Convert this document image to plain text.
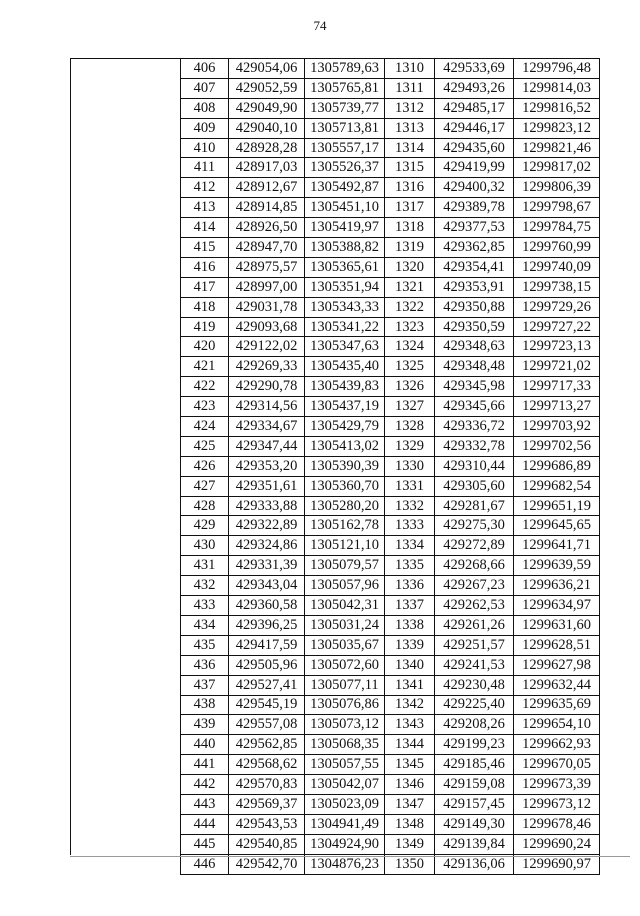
74
406	429054,06	1305789,63	1310	429533,69	1299796,48
407	429052,59	1305765,81	1311	429493,26	1299814,03
408	429049,90	1305739,77	1312	429485,17	1299816,52
409	429040,10	1305713,81	1313	429446,17	1299823,12
410	428928,28	1305557,17	1314	429435,60	1299821,46
411	428917,03	1305526,37	1315	429419,99	1299817,02
412	428912,67	1305492,87	1316	429400,32	1299806,39
413	428914,85	1305451,10	1317	429389,78	1299798,67
414	428926,50	1305419,97	1318	429377,53	1299784,75
415	428947,70	1305388,82	1319	429362,85	1299760,99
416	428975,57	1305365,61	1320	429354,41	1299740,09
417	428997,00	1305351,94	1321	429353,91	1299738,15
418	429031,78	1305343,33	1322	429350,88	1299729,26
419	429093,68	1305341,22	1323	429350,59	1299727,22
420	429122,02	1305347,63	1324	429348,63	1299723,13
421	429269,33	1305435,40	1325	429348,48	1299721,02
422	429290,78	1305439,83	1326	429345,98	1299717,33
423	429314,56	1305437,19	1327	429345,66	1299713,27
424	429334,67	1305429,79	1328	429336,72	1299703,92
425	429347,44	1305413,02	1329	429332,78	1299702,56
426	429353,20	1305390,39	1330	429310,44	1299686,89
427	429351,61	1305360,70	1331	429305,60	1299682,54
428	429333,88	1305280,20	1332	429281,67	1299651,19
429	429322,89	1305162,78	1333	429275,30	1299645,65
430	429324,86	1305121,10	1334	429272,89	1299641,71
431	429331,39	1305079,57	1335	429268,66	1299639,59
432	429343,04	1305057,96	1336	429267,23	1299636,21
433	429360,58	1305042,31	1337	429262,53	1299634,97
434	429396,25	1305031,24	1338	429261,26	1299631,60
435	429417,59	1305035,67	1339	429251,57	1299628,51
436	429505,96	1305072,60	1340	429241,53	1299627,98
437	429527,41	1305077,11	1341	429230,48	1299632,44
438	429545,19	1305076,86	1342	429225,40	1299635,69
439	429557,08	1305073,12	1343	429208,26	1299654,10
440	429562,85	1305068,35	1344	429199,23	1299662,93
441	429568,62	1305057,55	1345	429185,46	1299670,05
442	429570,83	1305042,07	1346	429159,08	1299673,39
443	429569,37	1305023,09	1347	429157,45	1299673,12
444	429543,53	1304941,49	1348	429149,30	1299678,46
445	429540,85	1304924,90	1349	429139,84	1299690,24
446	429542,70	1304876,23	1350	429136,06	1299690,97
